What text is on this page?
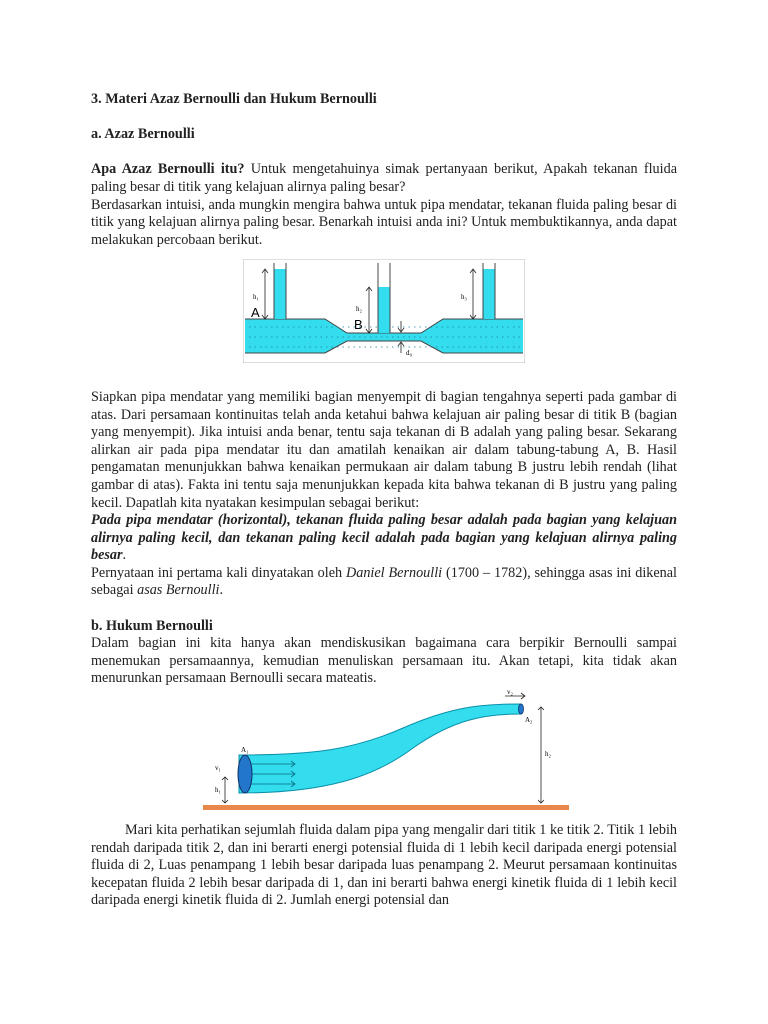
3. Materi Azaz Bernoulli dan Hukum Bernoulli

a. Azaz Bernoulli

Apa Azaz Bernoulli itu? Untuk mengetahuinya simak pertanyaan berikut, Apakah tekanan fluida paling besar di titik yang kelajuan alirnya paling besar?

Berdasarkan intuisi, anda mungkin mengira bahwa untuk pipa mendatar, tekanan fluida paling besar di titik yang kelajuan alirnya paling besar. Benarkah intuisi anda ini? Untuk membuktikannya, anda dapat melakukan percobaan berikut.

h₁
h₂
h₃
A
B
d₀

Siapkan pipa mendatar yang memiliki bagian menyempit di bagian tengahnya seperti pada gambar di atas. Dari persamaan kontinuitas telah anda ketahui bahwa kelajuan air paling besar di titik B (bagian yang menyempit). Jika intuisi anda benar, tentu saja tekanan di B adalah yang paling besar. Sekarang alirkan air pada pipa mendatar itu dan amatilah kenaikan air dalam tabung-tabung A, B. Hasil pengamatan menunjukkan bahwa kenaikan permukaan air dalam tabung B justru lebih rendah (lihat gambar di atas). Fakta ini tentu saja menunjukkan kepada kita bahwa tekanan di B justru yang paling kecil. Dapatlah kita nyatakan kesimpulan sebagai berikut:

Pada pipa mendatar (horizontal), tekanan fluida paling besar adalah pada bagian yang kelajuan alirnya paling kecil, dan tekanan paling kecil adalah pada bagian yang kelajuan alirnya paling besar.

Pernyataan ini pertama kali dinyatakan oleh Daniel Bernoulli (1700 – 1782), sehingga asas ini dikenal sebagai asas Bernoulli.

b. Hukum Bernoulli

Dalam bagian ini kita hanya akan mendiskusikan bagaimana cara berpikir Bernoulli sampai menemukan persamaannya, kemudian menuliskan persamaan itu. Akan tetapi, kita tidak akan menurunkan persamaan Bernoulli secara mateatis.

v₁
h₁
A₁
v₂
A₂
h₂

Mari kita perhatikan sejumlah fluida dalam pipa yang mengalir dari titik 1 ke titik 2. Titik 1 lebih rendah daripada titik 2, dan ini berarti energi potensial fluida di 1 lebih kecil daripada energi potensial fluida di 2, Luas penampang 1 lebih besar daripada luas penampang 2. Meurut persamaan kontinuitas kecepatan fluida 2 lebih besar daripada di 1, dan ini berarti bahwa energi kinetik fluida di 1 lebih kecil daripada energi kinetik fluida di 2. Jumlah energi potensial dan
